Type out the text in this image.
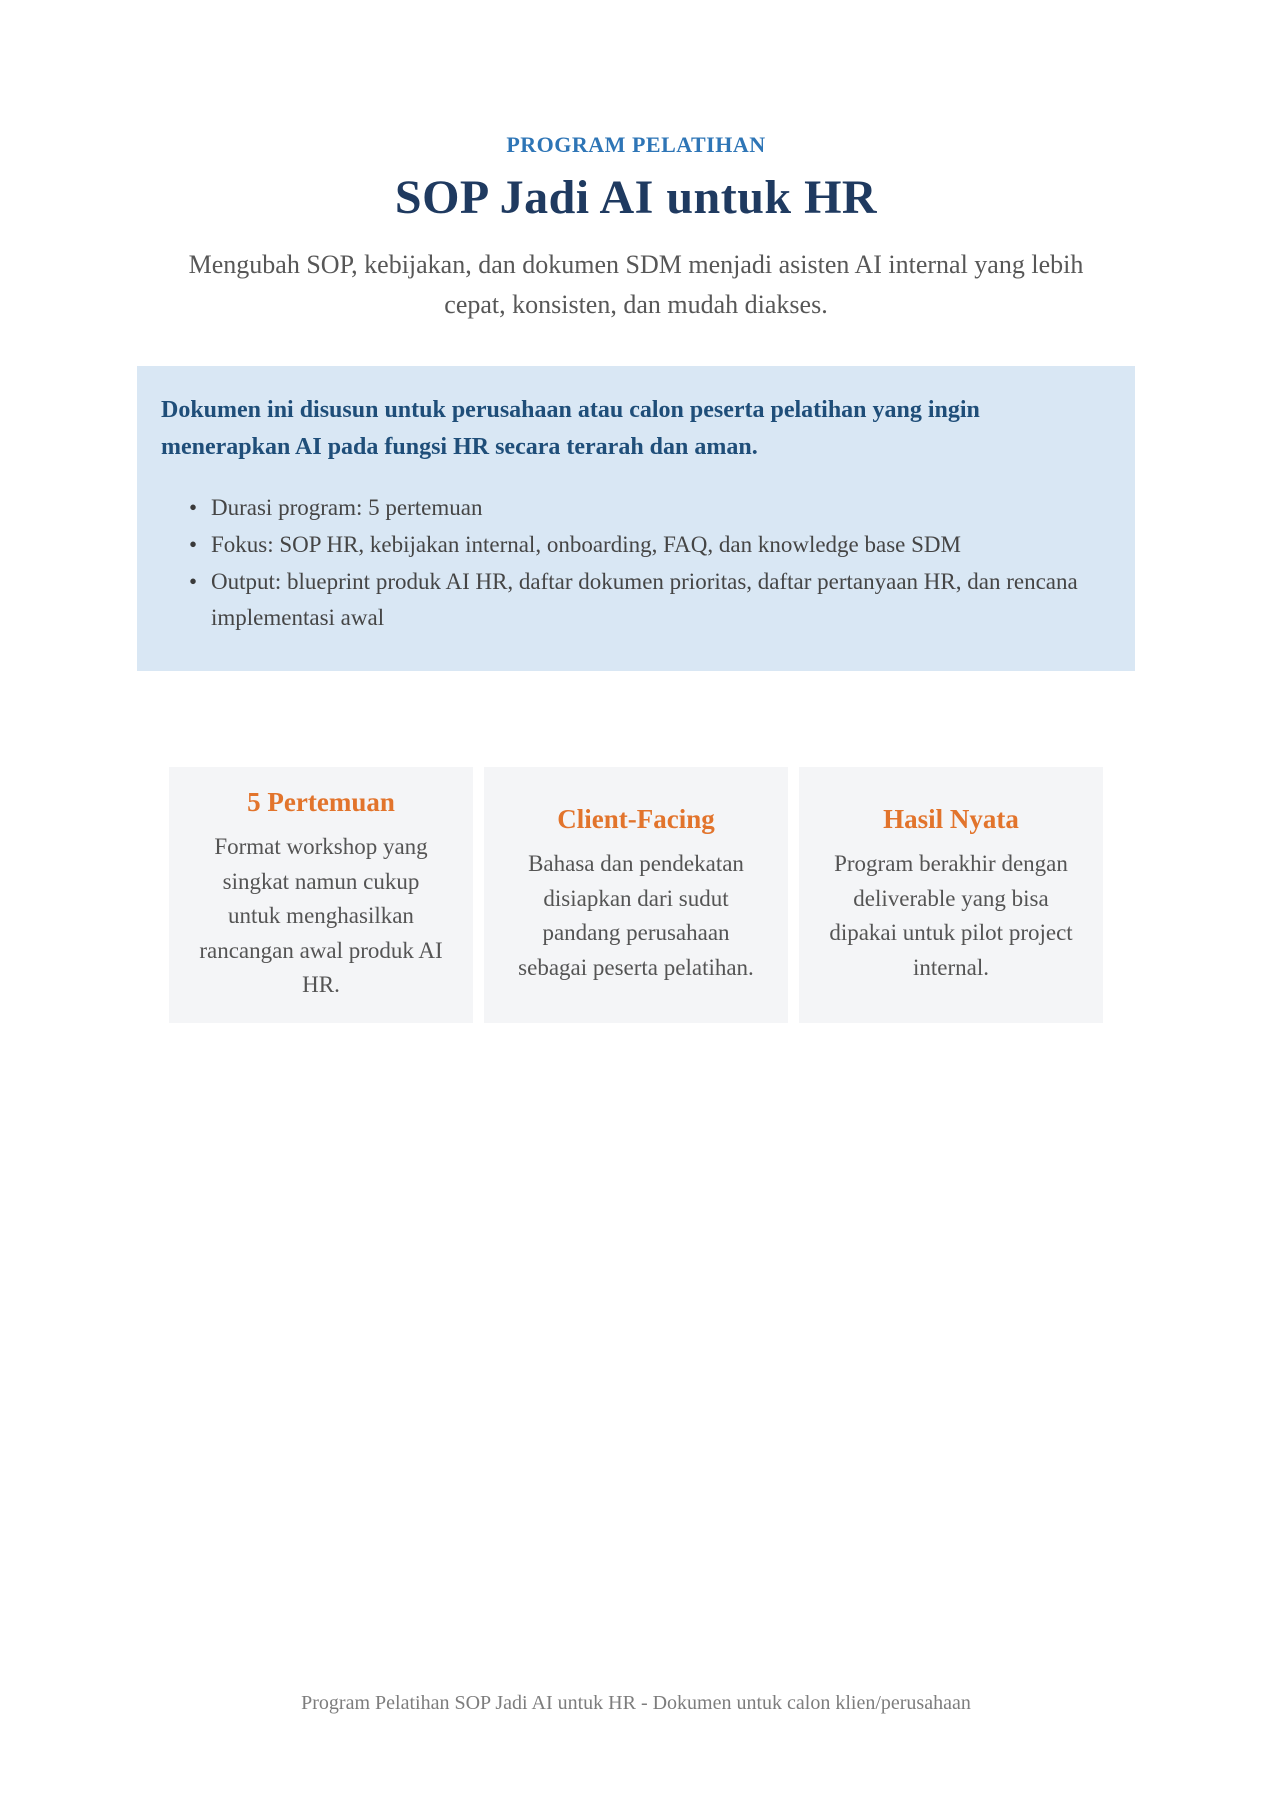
PROGRAM PELATIHAN
SOP Jadi AI untuk HR
Mengubah SOP, kebijakan, dan dokumen SDM menjadi asisten AI internal yang lebih cepat, konsisten, dan mudah diakses.
Dokumen ini disusun untuk perusahaan atau calon peserta pelatihan yang ingin menerapkan AI pada fungsi HR secara terarah dan aman.
• Durasi program: 5 pertemuan
• Fokus: SOP HR, kebijakan internal, onboarding, FAQ, dan knowledge base SDM
• Output: blueprint produk AI HR, daftar dokumen prioritas, daftar pertanyaan HR, dan rencana implementasi awal
5 Pertemuan
Format workshop yang singkat namun cukup untuk menghasilkan rancangan awal produk AI HR.
Client-Facing
Bahasa dan pendekatan disiapkan dari sudut pandang perusahaan sebagai peserta pelatihan.
Hasil Nyata
Program berakhir dengan deliverable yang bisa dipakai untuk pilot project internal.
Program Pelatihan SOP Jadi AI untuk HR - Dokumen untuk calon klien/perusahaan
